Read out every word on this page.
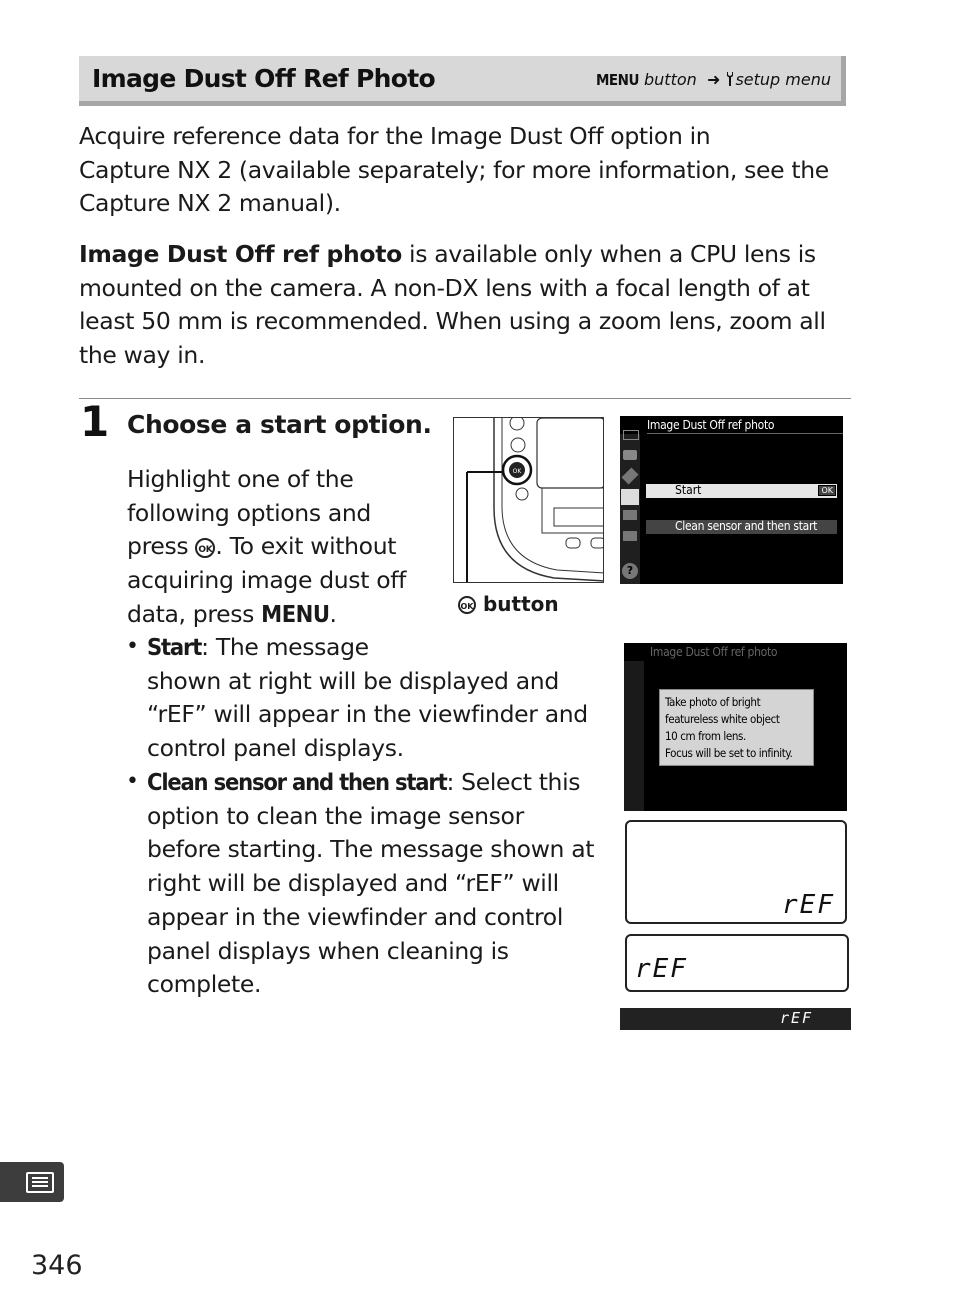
Image Dust Off Ref Photo	MENU button ➜ setup menu
Acquire reference data for the Image Dust Off option in
Capture NX 2 (available separately; for more information, see the
Capture NX 2 manual).
Image Dust Off ref photo is available only when a CPU lens is
mounted on the camera. A non-DX lens with a focal length of at
least 50 mm is recommended. When using a zoom lens, zoom all
the way in.
1 Choose a start option.
Highlight one of the
following options and
press OK . To exit without
acquiring image dust off
data, press MENU.
• Start: The message
shown at right will be displayed and
“rEF” will appear in the viewfinder and
control panel displays.
• Clean sensor and then start: Select this
option to clean the image sensor
before starting. The message shown at
right will be displayed and “rEF” will
appear in the viewfinder and control
panel displays when cleaning is
complete.
OK
OK button
?
Image Dust Off ref photo
Start	OK
Clean sensor and then start
Image Dust Off ref photo
Take photo of bright
featureless white object
10 cm from lens.
Focus will be set to infinity.
rEF
rEF
rEF
346
